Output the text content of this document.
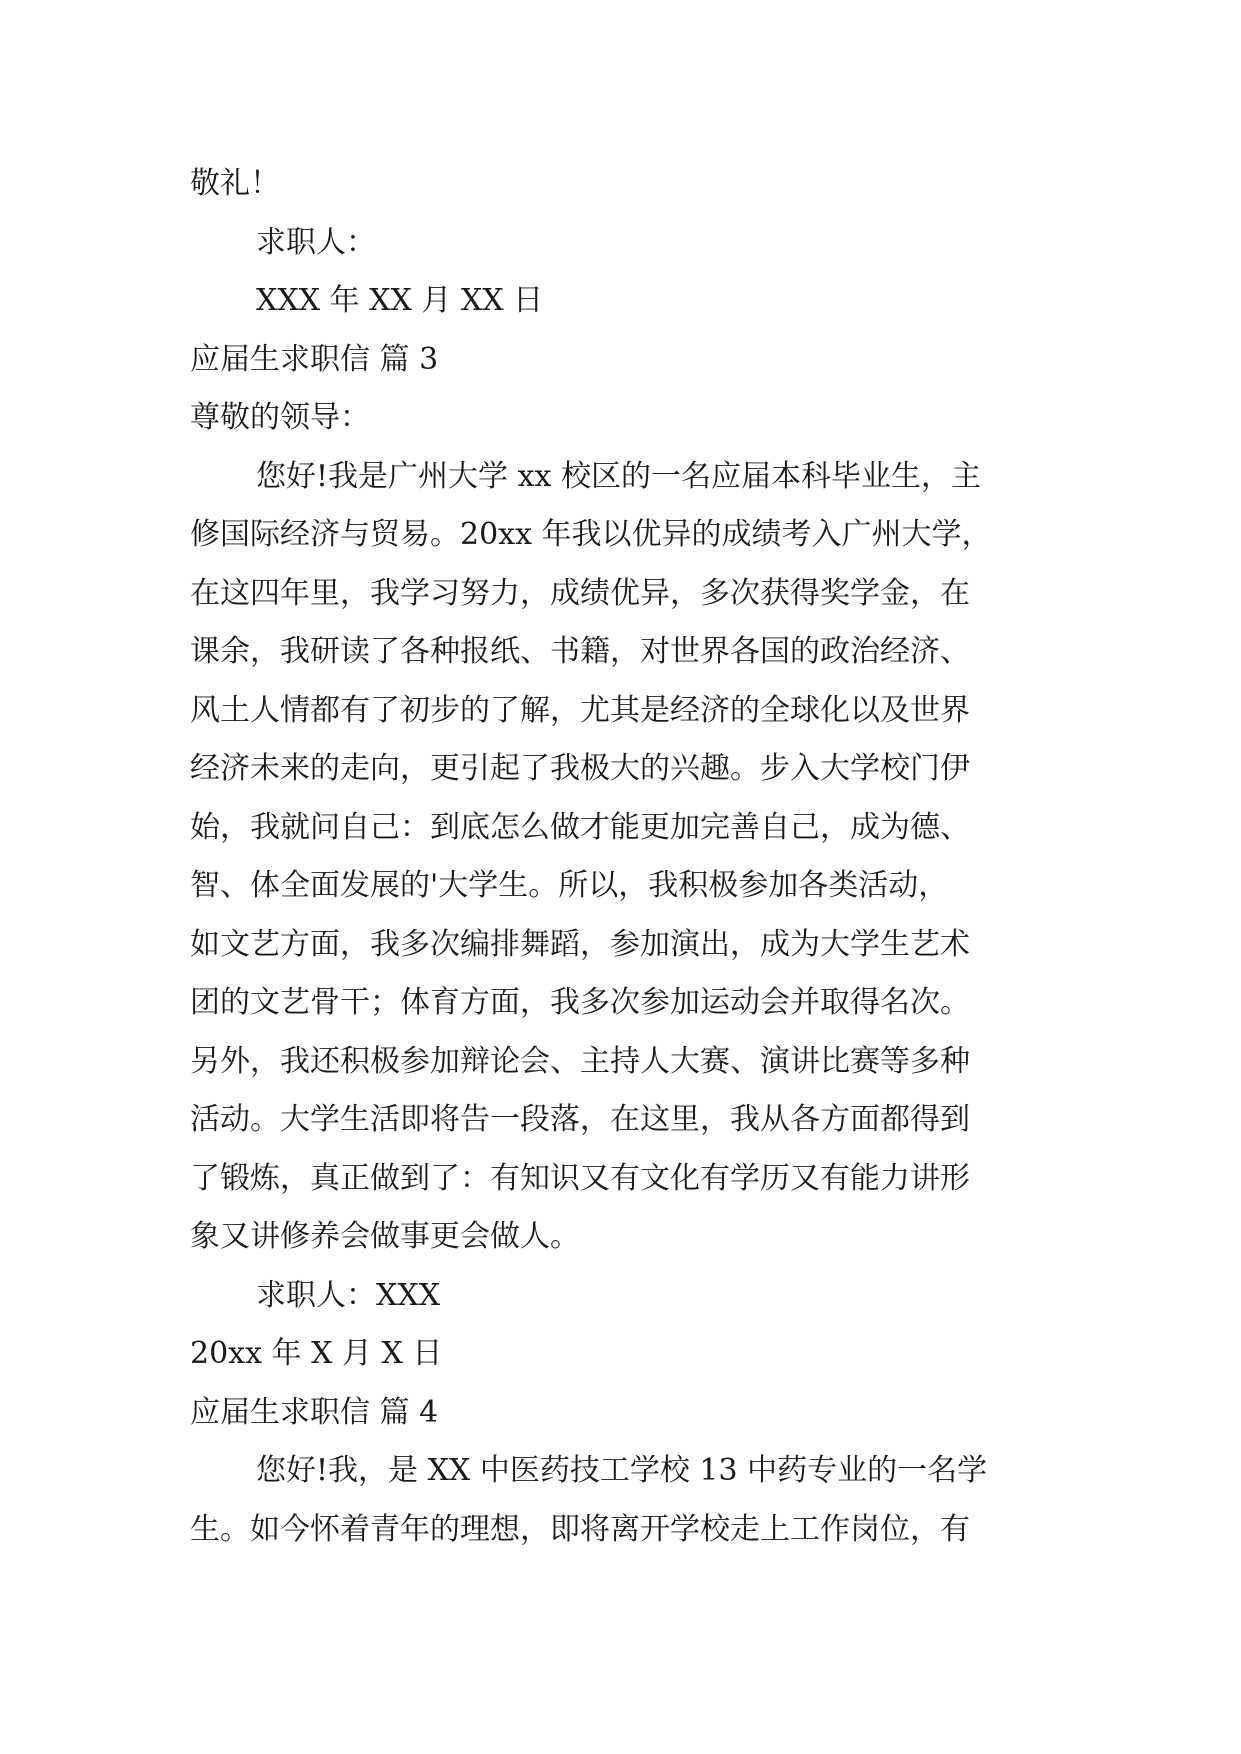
敬礼！
求职人：
XXX 年 XX 月 XX 日
应届生求职信 篇 3
尊敬的领导：
您好!我是广州大学 xx 校区的一名应届本科毕业生，主
修国际经济与贸易。20xx 年我以优异的成绩考入广州大学，
在这四年里，我学习努力，成绩优异，多次获得奖学金，在
课余，我研读了各种报纸、书籍，对世界各国的政治经济、
风土人情都有了初步的了解，尤其是经济的全球化以及世界
经济未来的走向，更引起了我极大的兴趣。步入大学校门伊
始，我就问自己：到底怎么做才能更加完善自己，成为德、
智、体全面发展的'大学生。所以，我积极参加各类活动，
如文艺方面，我多次编排舞蹈，参加演出，成为大学生艺术
团的文艺骨干；体育方面，我多次参加运动会并取得名次。
另外，我还积极参加辩论会、主持人大赛、演讲比赛等多种
活动。大学生活即将告一段落，在这里，我从各方面都得到
了锻炼，真正做到了：有知识又有文化有学历又有能力讲形
象又讲修养会做事更会做人。
求职人：XXX
20xx 年 X 月 X 日
应届生求职信 篇 4
您好!我，是 XX 中医药技工学校 13 中药专业的一名学
生。如今怀着青年的理想，即将离开学校走上工作岗位，有
